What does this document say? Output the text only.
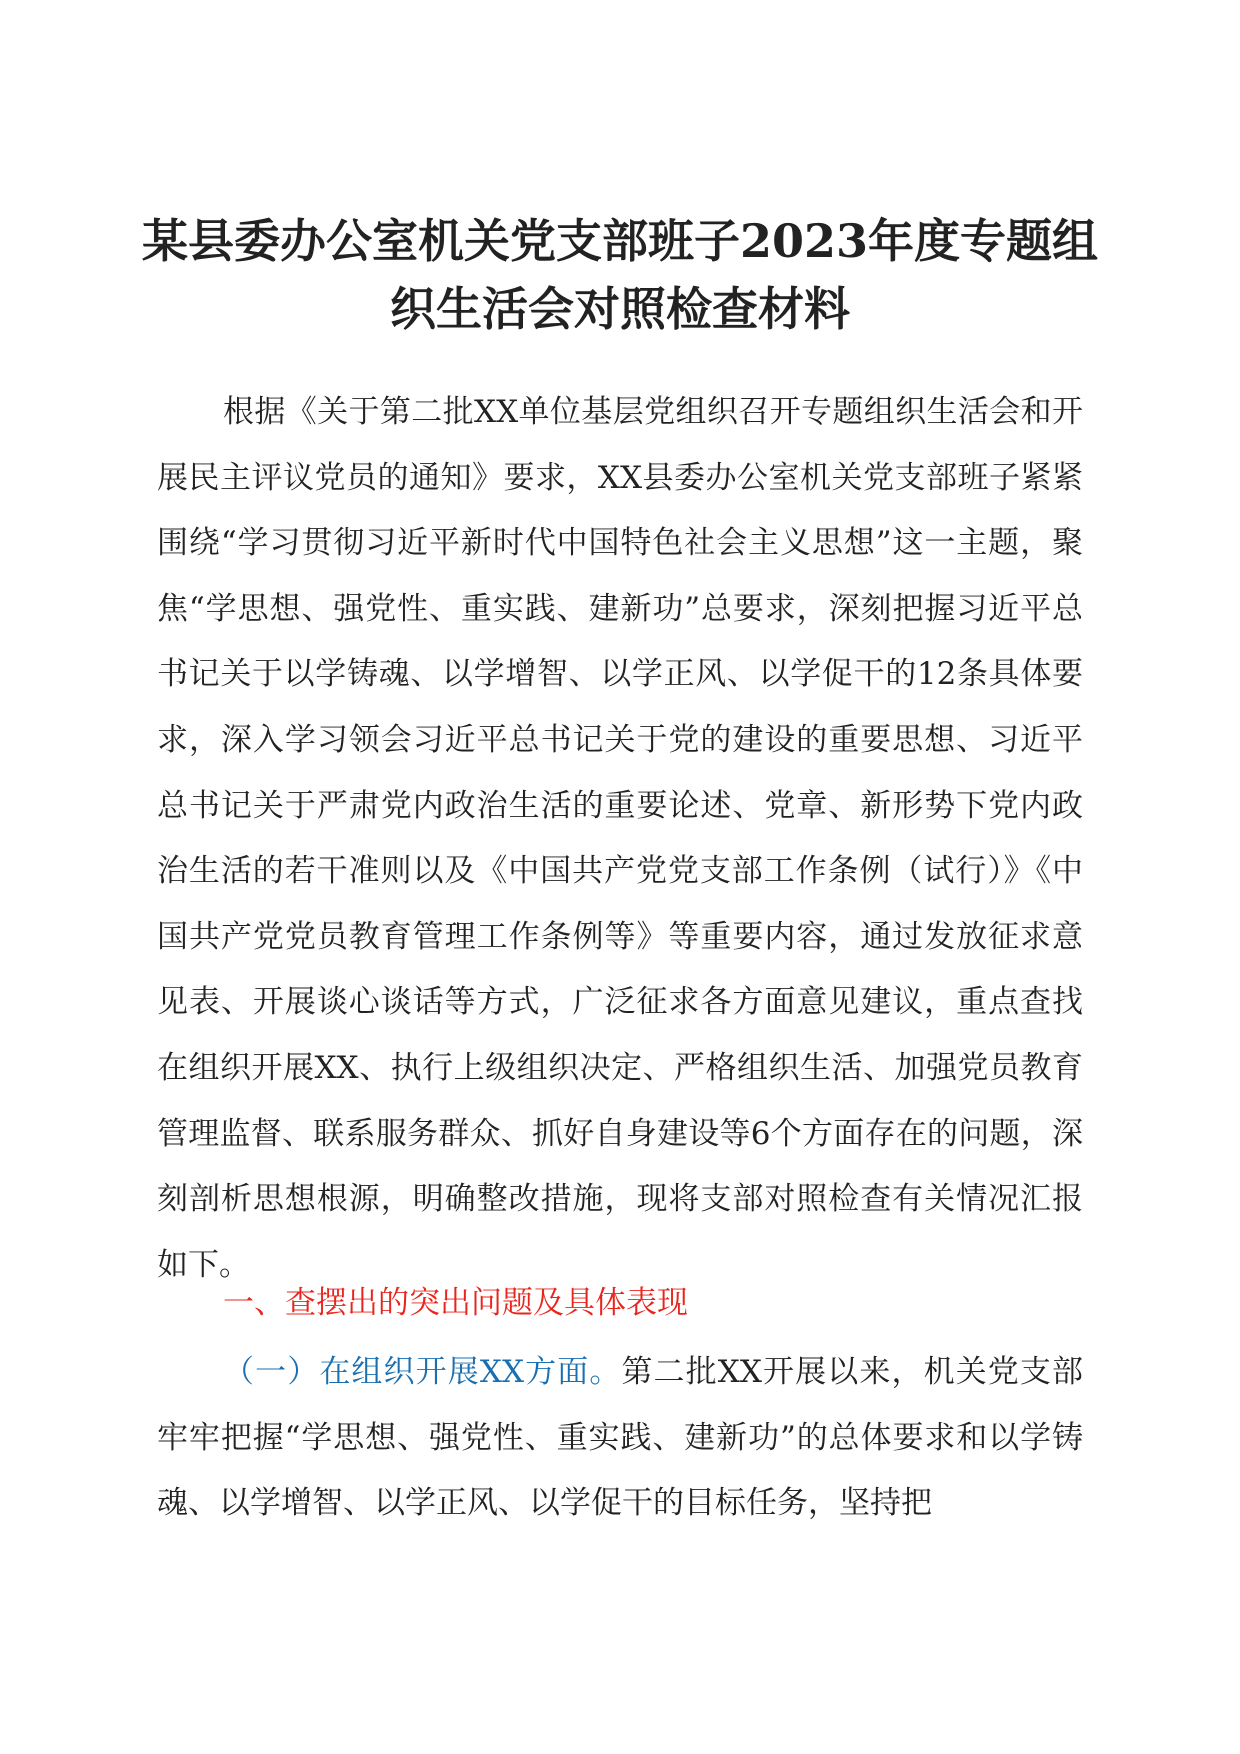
某县委办公室机关党支部班子2023年度专题组
织生活会对照检查材料

根据《关于第二批XX单位基层党组织召开专题组织生活会和开展民主评议党员的通知》要求，XX县委办公室机关党支部班子紧紧围绕“学习贯彻习近平新时代中国特色社会主义思想”这一主题，聚焦“学思想、强党性、重实践、建新功”总要求，深刻把握习近平总书记关于以学铸魂、以学增智、以学正风、以学促干的12条具体要求，深入学习领会习近平总书记关于党的建设的重要思想、习近平总书记关于严肃党内政治生活的重要论述、党章、新形势下党内政治生活的若干准则以及《中国共产党党支部工作条例（试行）》《中国共产党党员教育管理工作条例等》等重要内容，通过发放征求意见表、开展谈心谈话等方式，广泛征求各方面意见建议，重点查找在组织开展XX、执行上级组织决定、严格组织生活、加强党员教育管理监督、联系服务群众、抓好自身建设等6个方面存在的问题，深刻剖析思想根源，明确整改措施，现将支部对照检查有关情况汇报如下。

一、查摆出的突出问题及具体表现

（一）在组织开展XX方面。第二批XX开展以来，机关党支部牢牢把握“学思想、强党性、重实践、建新功”的总体要求和以学铸魂、以学增智、以学正风、以学促干的目标任务，坚持把
